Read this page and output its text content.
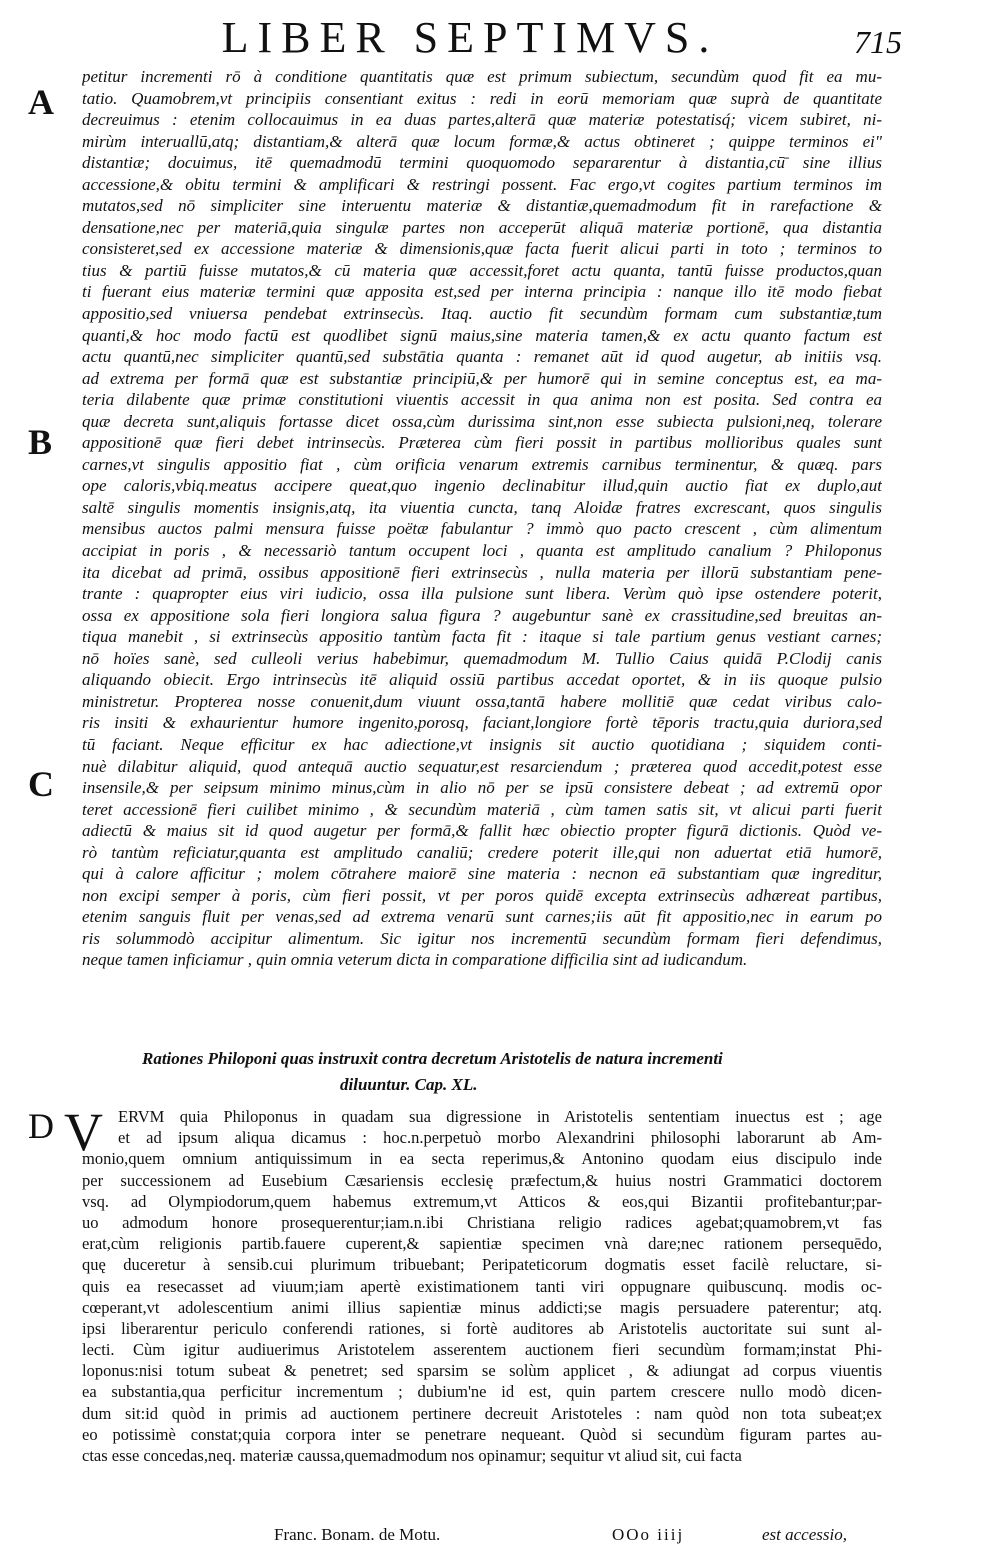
LIBER SEPTIMVS.	715
A
B
C
D
petitur incrementi rō à conditione quantitatis quæ est primum subiectum, secundùm quod fit ea mu-
tatio. Quamobrem,vt principiis consentiant exitus : redi in eorū memoriam quæ suprà de quantitate
decreuimus : etenim collocauimus in ea duas partes,alterā quæ materiæ potestatisq́; vicem subiret, ni-
mirùm interuallū,atq; distantiam,& alterā quæ locum formæ,& actus obtineret ; quippe terminos ei"
distantiæ; docuimus, itē quemadmodū termini quoquomodo separarentur à distantia,cū̄ sine illius
accessione,& obitu termini & amplificari & restringi possent. Fac ergo,vt cogites partium terminos im
mutatos,sed nō simpliciter sine interuentu materiæ & distantiæ,quemadmodum fit in rarefactione &
densatione,nec per materiā,quia singulæ partes non acceperūt aliquā materiæ portionē, qua distantia
consisteret,sed ex accessione materiæ & dimensionis,quæ facta fuerit alicui parti in toto ; terminos to
tius & partiū fuisse mutatos,& cū materia quæ accessit,foret actu quanta, tantū fuisse productos,quan
ti fuerant eius materiæ termini quæ apposita est,sed per interna principia : nanque illo itē modo fiebat
appositio,sed vniuersa pendebat extrinsecùs. Itaq. auctio fit secundùm formam cum substantiæ,tum
quanti,& hoc modo factū est quodlibet signū maius,sine materia tamen,& ex actu quanto factum est
actu quantū,nec simpliciter quantū,sed substātia quanta : remanet aūt id quod augetur, ab initiis vsq.
ad extrema per formā quæ est substantiæ principiū,& per humorē qui in semine conceptus est, ea ma-
teria dilabente quæ primæ constitutioni viuentis accessit in qua anima non est posita. Sed contra ea
quæ decreta sunt,aliquis fortasse dicet ossa,cùm durissima sint,non esse subiecta pulsioni,neq, tolerare
appositionē quæ fieri debet intrinsecùs. Præterea cùm fieri possit in partibus mollioribus quales sunt
carnes,vt singulis appositio fiat , cùm orificia venarum extremis carnibus terminentur, & quæq. pars
ope caloris,vbiq.meatus accipere queat,quo ingenio declinabitur illud,quin auctio fiat ex duplo,aut
saltē singulis momentis insignis,atq, ita viuentia cuncta, tanq Aloidæ fratres excrescant, quos singulis
mensibus auctos palmi mensura fuisse poëtæ fabulantur ? immò quo pacto crescent , cùm alimentum
accipiat in poris , & necessariò tantum occupent loci , quanta est amplitudo canalium ? Philoponus
ita dicebat ad primā, ossibus appositionē fieri extrinsecùs , nulla materia per illorū substantiam pene-
trante : quapropter eius viri iudicio, ossa illa pulsione sunt libera. Verùm quò ipse ostendere poterit,
ossa ex appositione sola fieri longiora salua figura ? augebuntur sanè ex crassitudine,sed breuitas an-
tiqua manebit , si extrinsecùs appositio tantùm facta fit : itaque si tale partium genus vestiant carnes;
nō hoïes sanè, sed culleoli verius habebimur, quemadmodum M. Tullio Caius quidā P.Clodij canis
aliquando obiecit. Ergo intrinsecùs itē aliquid ossiū partibus accedat oportet, & in iis quoque pulsio
ministretur. Propterea nosse conuenit,dum viuunt ossa,tantā habere mollitiē quæ cedat viribus calo-
ris insiti & exhaurientur humore ingenito,porosq, faciant,longiore fortè tēporis tractu,quia duriora,sed
tū faciant. Neque efficitur ex hac adiectione,vt insignis sit auctio quotidiana ; siquidem conti-
nuè dilabitur aliquid, quod antequā auctio sequatur,est resarciendum ; præterea quod accedit,potest esse
insensile,& per seipsum minimo minus,cùm in alio nō per se ipsū consistere debeat ; ad extremū opor
teret accessionē fieri cuilibet minimo , & secundùm materiā , cùm tamen satis sit, vt alicui parti fuerit
adiectū & maius sit id quod augetur per formā,& fallit hæc obiectio propter figurā dictionis. Quòd ve-
rò tantùm reficiatur,quanta est amplitudo canaliū; credere poterit ille,qui non aduertat etiā humorē,
qui à calore afficitur ; molem cōtrahere maiorē sine materia : necnon eā substantiam quæ ingreditur,
non excipi semper à poris, cùm fieri possit, vt per poros quidē excepta extrinsecùs adhæreat partibus,
etenim sanguis fluit per venas,sed ad extrema venarū sunt carnes;iis aūt fit appositio,nec in earum po
ris solummodò accipitur alimentum. Sic igitur nos incrementū secundùm formam fieri defendimus,
neque tamen inficiamur , quin omnia veterum dicta in comparatione difficilia sint ad iudicandum.
Rationes Philoponi quas instruxit contra decretum Aristotelis de natura incrementi
diluuntur. Cap. XL.
V ERVM quia Philoponus in quadam sua digressione in Aristotelis sententiam inuectus est ; age
et ad ipsum aliqua dicamus : hoc.n.perpetuò morbo Alexandrini philosophi laborarunt ab Am-
monio,quem omnium antiquissimum in ea secta reperimus,& Antonino quodam eius discipulo inde
per successionem ad Eusebium Cæsariensis ecclesię præfectum,& huius nostri Grammatici doctorem
vsq. ad Olympiodorum,quem habemus extremum,vt Atticos & eos,qui Bizantii profitebantur;par-
uo admodum honore prosequerentur;iam.n.ibi Christiana religio radices agebat;quamobrem,vt fas
erat,cùm religionis partib.fauere cuperent,& sapientiæ specimen vnà dare;nec rationem persequēdo,
quę duceretur à sensib.cui plurimum tribuebant; Peripateticorum dogmatis esset facilè reluctare, si-
quis ea resecasset ad viuum;iam apertè existimationem tanti viri oppugnare quibuscunq. modis oc-
cœperant,vt adolescentium animi illius sapientiæ minus addicti;se magis persuadere paterentur; atq.
ipsi liberarentur periculo conferendi rationes, si fortè auditores ab Aristotelis auctoritate sui sunt al-
lecti. Cùm igitur audiuerimus Aristotelem asserentem auctionem fieri secundùm formam;instat Phi-
loponus:nisi totum subeat & penetret; sed sparsim se solùm applicet , & adiungat ad corpus viuentis
ea substantia,qua perficitur incrementum ; dubium'ne id est, quin partem crescere nullo modò dicen-
dum sit:id quòd in primis ad auctionem pertinere decreuit Aristoteles : nam quòd non tota subeat;ex
eo potissimè constat;quia corpora inter se penetrare nequeant. Quòd si secundùm figuram partes au-
ctas esse concedas,neq. materiæ caussa,quemadmodum nos opinamur; sequitur vt aliud sit, cui facta
Franc. Bonam. de Motu.	OOo iiij	est accessio,
